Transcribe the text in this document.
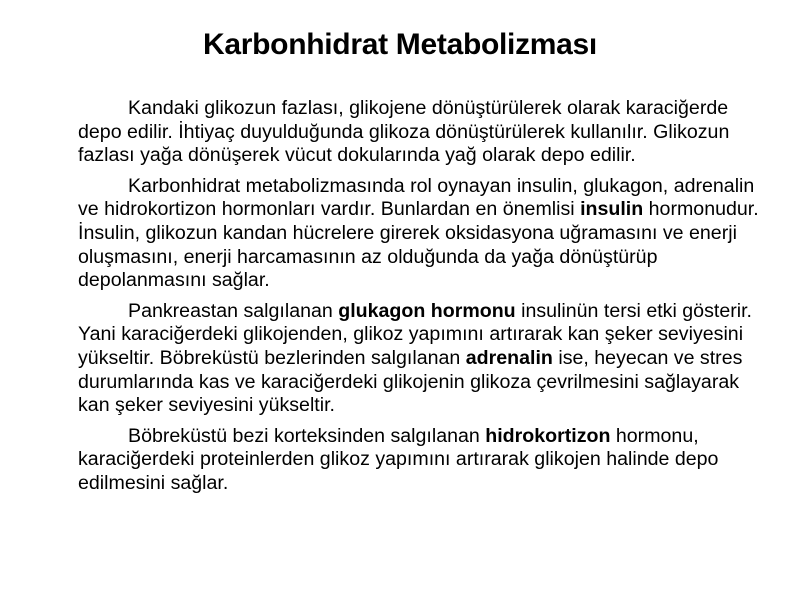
Karbonhidrat Metabolizması

Kandaki glikozun fazlası, glikojene dönüştürülerek olarak karaciğerde depo edilir. İhtiyaç duyulduğunda glikoza dönüştürülerek kullanılır. Glikozun fazlası yağa dönüşerek vücut dokularında yağ olarak depo edilir.

Karbonhidrat metabolizmasında rol oynayan insulin, glukagon, adrenalin ve hidrokortizon hormonları vardır. Bunlardan en önemlisi insulin hormonudur. İnsulin, glikozun kandan hücrelere girerek oksidasyona uğramasını ve enerji oluşmasını, enerji harcamasının az olduğunda da yağa dönüştürüp depolanmasını sağlar.

Pankreastan salgılanan glukagon hormonu insulinün tersi etki gösterir. Yani karaciğerdeki glikojenden, glikoz yapımını artırarak kan şeker seviyesini yükseltir. Böbreküstü bezlerinden salgılanan adrenalin ise, heyecan ve stres durumlarında kas ve karaciğerdeki glikojenin glikoza çevrilmesini sağlayarak kan şeker seviyesini yükseltir.

Böbreküstü bezi korteksinden salgılanan hidrokortizon hormonu, karaciğerdeki proteinlerden glikoz yapımını artırarak glikojen halinde depo edilmesini sağlar.
